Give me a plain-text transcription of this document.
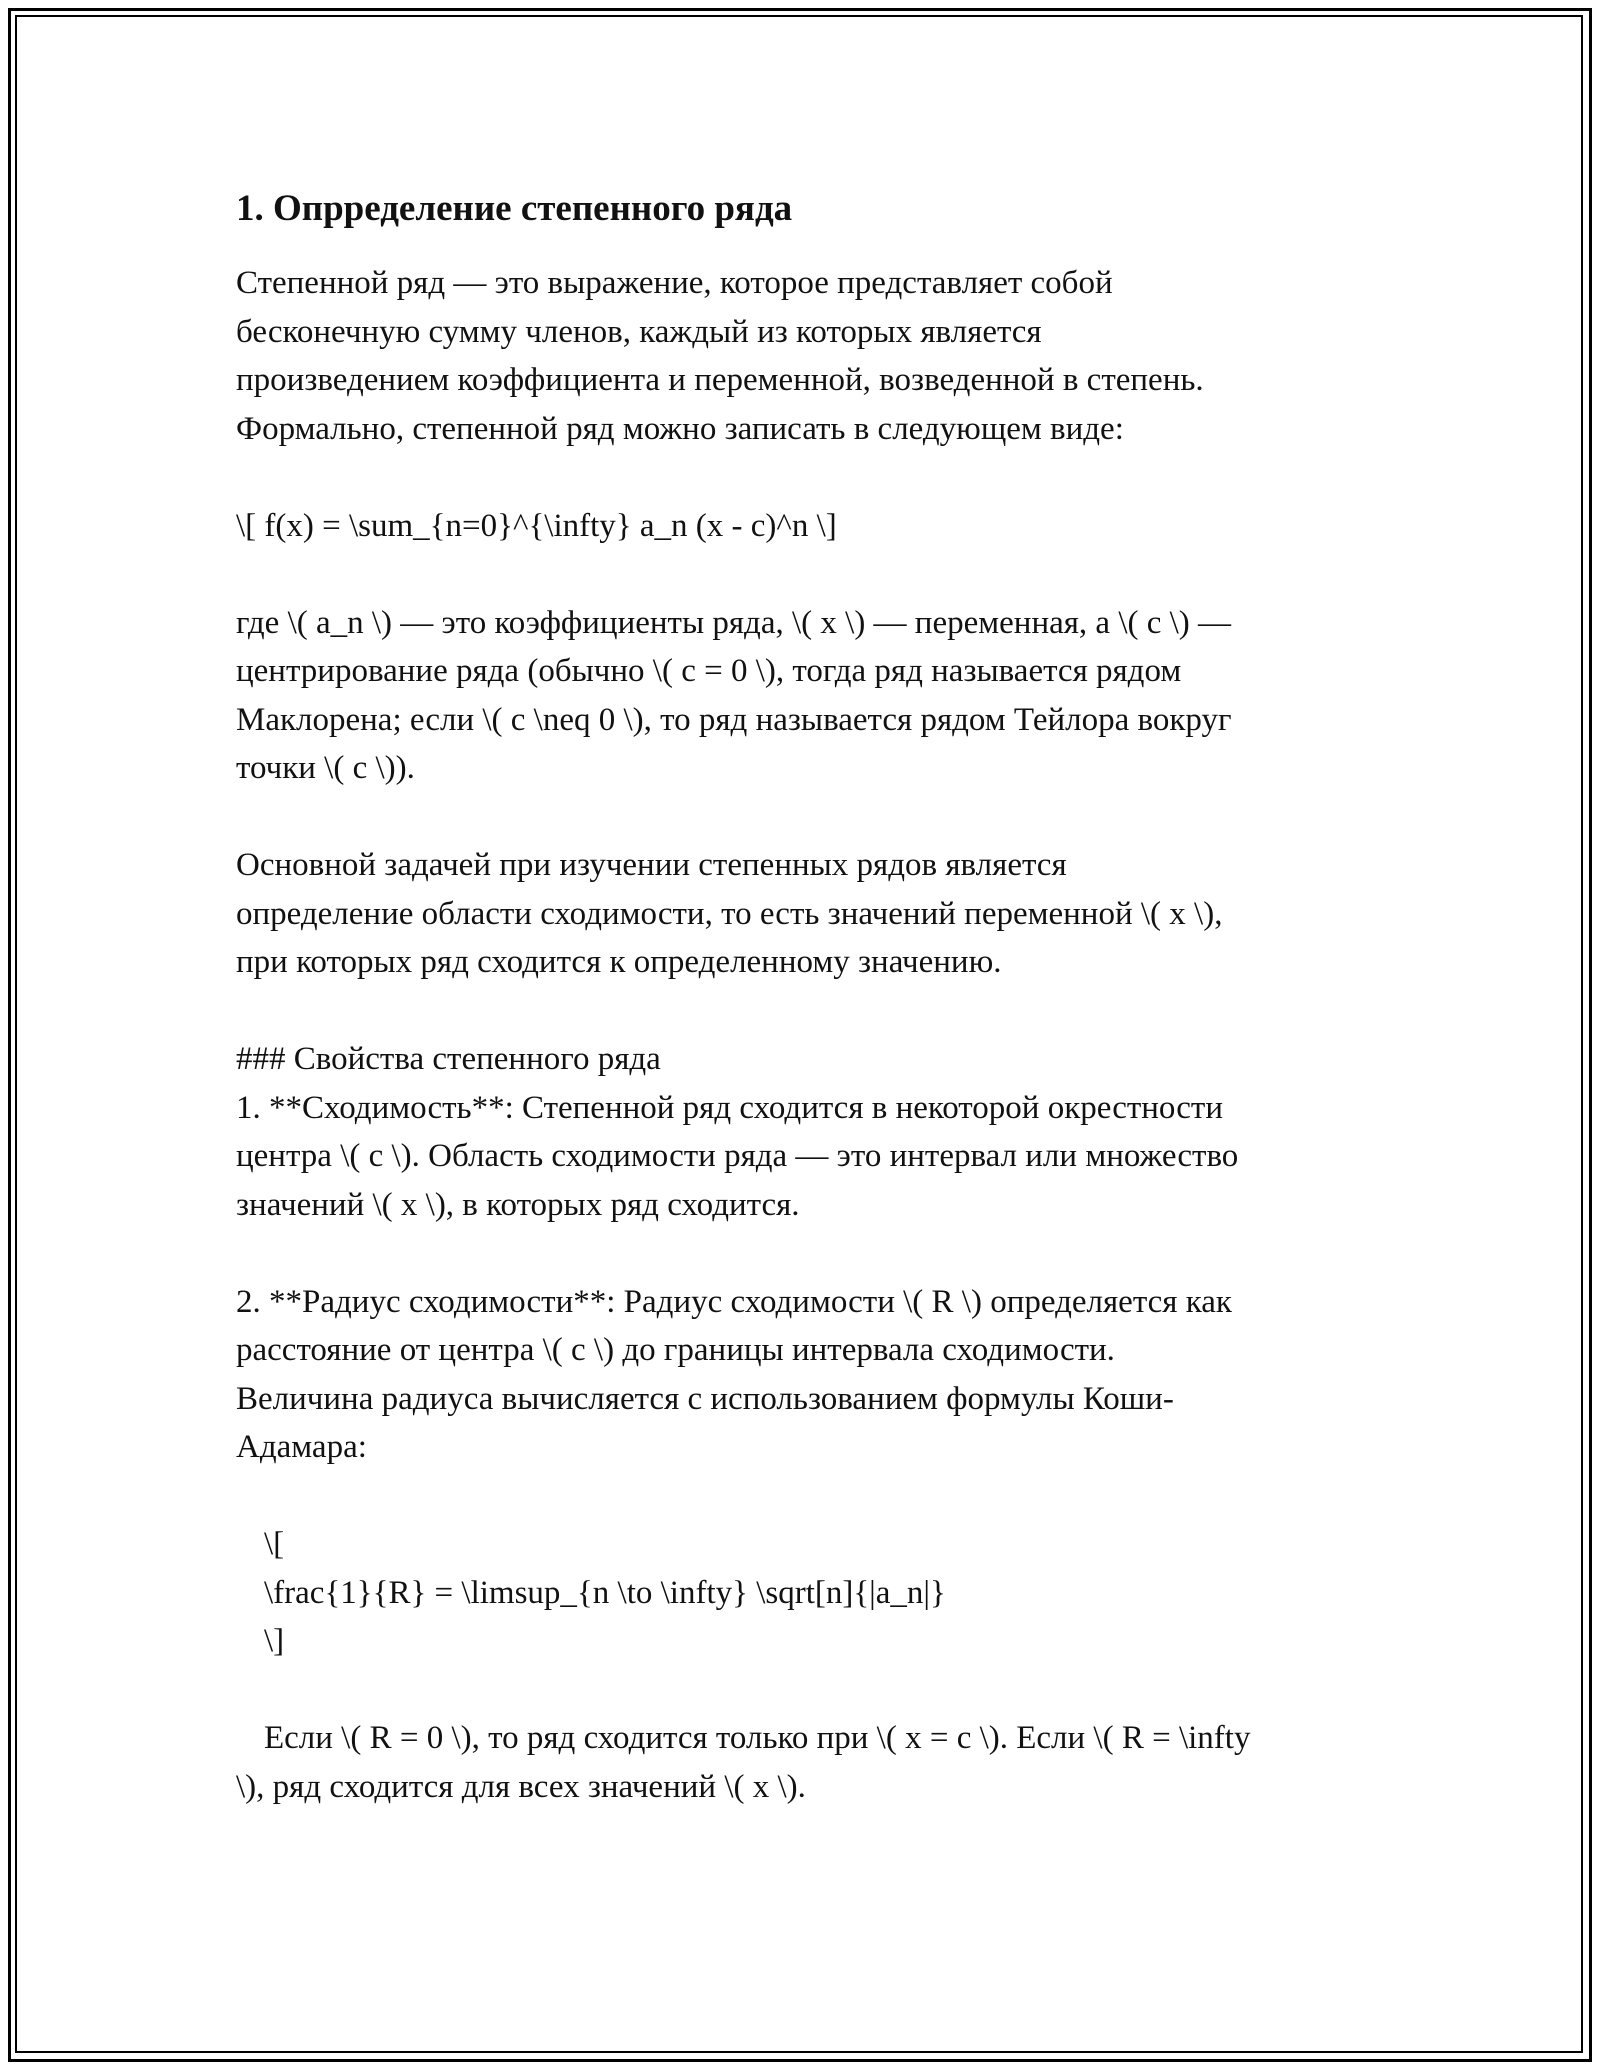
1. Опрределение степенного ряда
Степенной ряд — это выражение, которое представляет собой
бесконечную сумму членов, каждый из которых является
произведением коэффициента и переменной, возведенной в степень.
Формально, степенной ряд можно записать в следующем виде:
\[ f(x) = \sum_{n=0}^{\infty} a_n (x - c)^n \]
где \( a_n \) — это коэффициенты ряда, \( x \) — переменная, а \( c \) —
центрирование ряда (обычно \( c = 0 \), тогда ряд называется рядом
Маклорена; если \( c \neq 0 \), то ряд называется рядом Тейлора вокруг
точки \( c \)).
Основной задачей при изучении степенных рядов является
определение области сходимости, то есть значений переменной \( x \),
при которых ряд сходится к определенному значению.
### Свойства степенного ряда
1. **Сходимость**: Степенной ряд сходится в некоторой окрестности
центра \( c \). Область сходимости ряда — это интервал или множество
значений \( x \), в которых ряд сходится.
2. **Радиус сходимости**: Радиус сходимости \( R \) определяется как
расстояние от центра \( c \) до границы интервала сходимости.
Величина радиуса вычисляется с использованием формулы Коши-
Адамара:
\[
\frac{1}{R} = \limsup_{n \to \infty} \sqrt[n]{|a_n|}
\]
Если \( R = 0 \), то ряд сходится только при \( x = c \). Если \( R = \infty
\), ряд сходится для всех значений \( x \).
